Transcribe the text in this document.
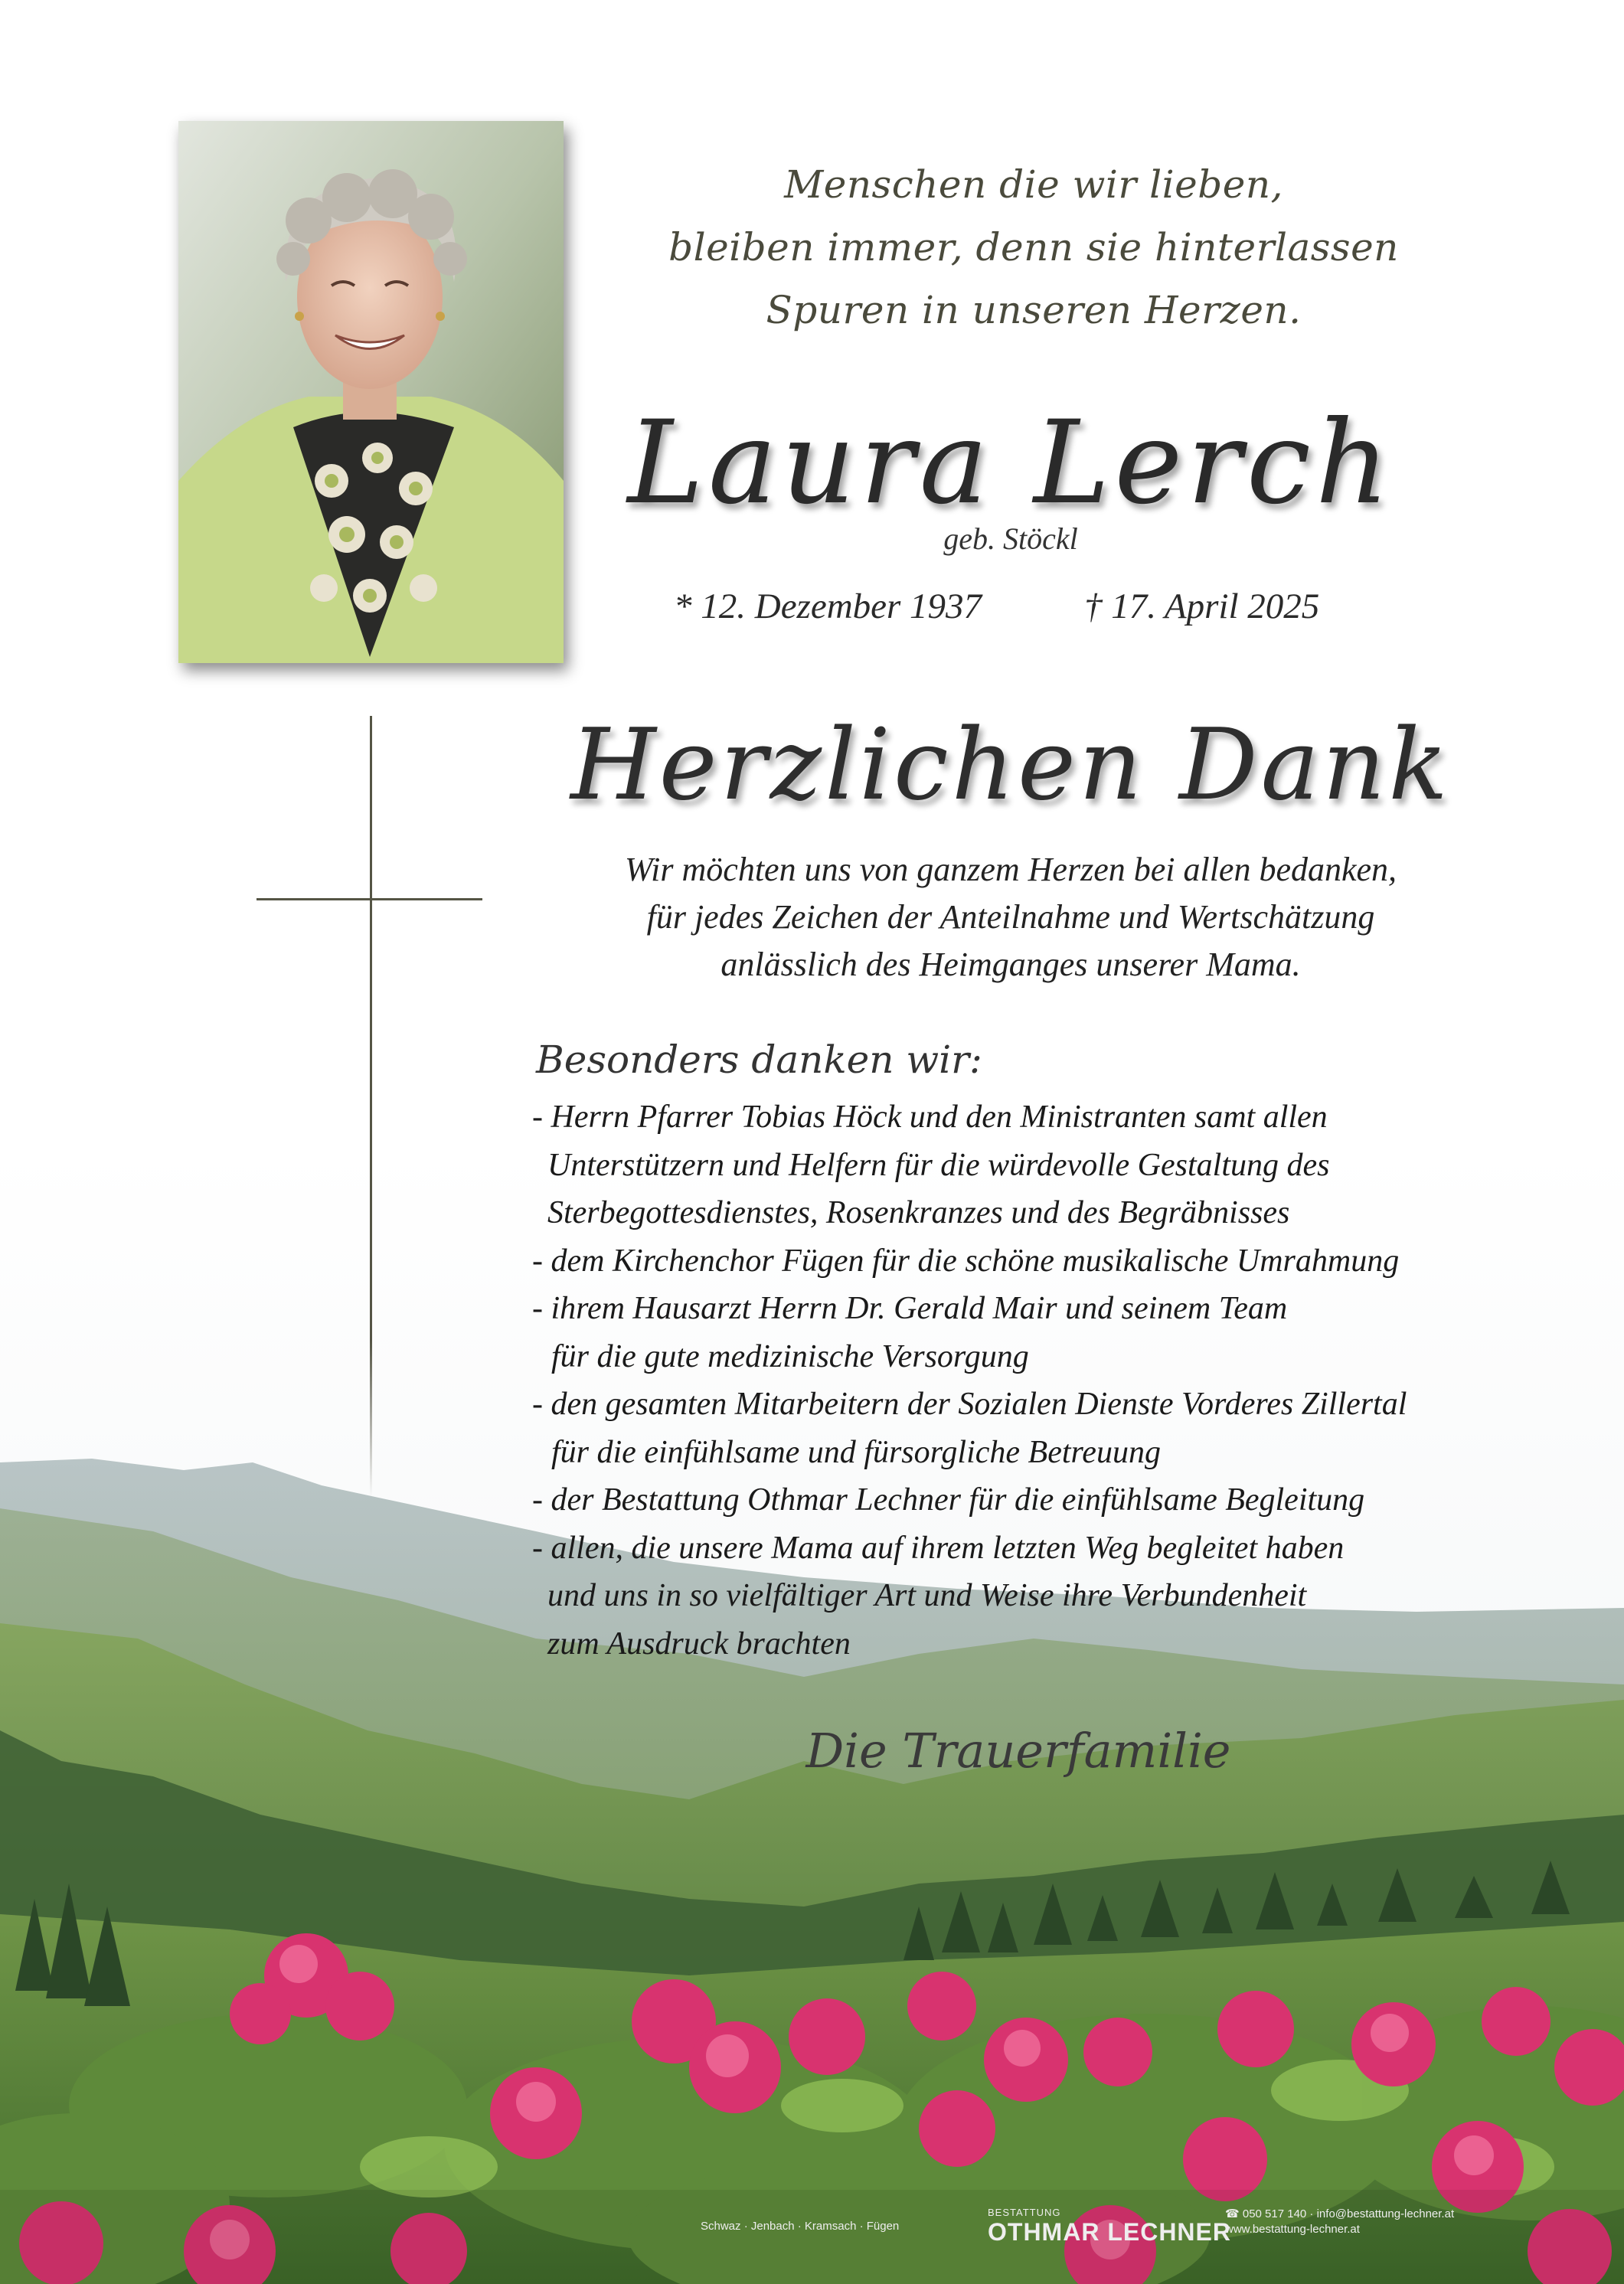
Menschen die wir lieben,
bleiben immer, denn sie hinterlassen
Spuren in unseren Herzen.
Laura Lerch
geb. Stöckl
* 12. Dezember 1937	† 17. April 2025
Herzlichen Dank
Wir möchten uns von ganzem Herzen bei allen bedanken,
für jedes Zeichen der Anteilnahme und Wertschätzung
anlässlich des Heimganges unserer Mama.
Besonders danken wir:
- Herrn Pfarrer Tobias Höck und den Ministranten samt allen
Unterstützern und Helfern für die würdevolle Gestaltung des
Sterbegottesdienstes, Rosenkranzes und des Begräbnisses
- dem Kirchenchor Fügen für die schöne musikalische Umrahmung
- ihrem Hausarzt Herrn Dr. Gerald Mair und seinem Team
für die gute medizinische Versorgung
- den gesamten Mitarbeitern der Sozialen Dienste Vorderes Zillertal
für die einfühlsame und fürsorgliche Betreuung
- der Bestattung Othmar Lechner für die einfühlsame Begleitung
- allen, die unsere Mama auf ihrem letzten Weg begleitet haben
und uns in so vielfältiger Art und Weise ihre Verbundenheit
zum Ausdruck brachten
Die Trauerfamilie
Schwaz · Jenbach · Kramsach · Fügen
BESTATTUNG
OTHMAR LECHNER
☎ 050 517 140 · info@bestattung-lechner.at
www.bestattung-lechner.at
